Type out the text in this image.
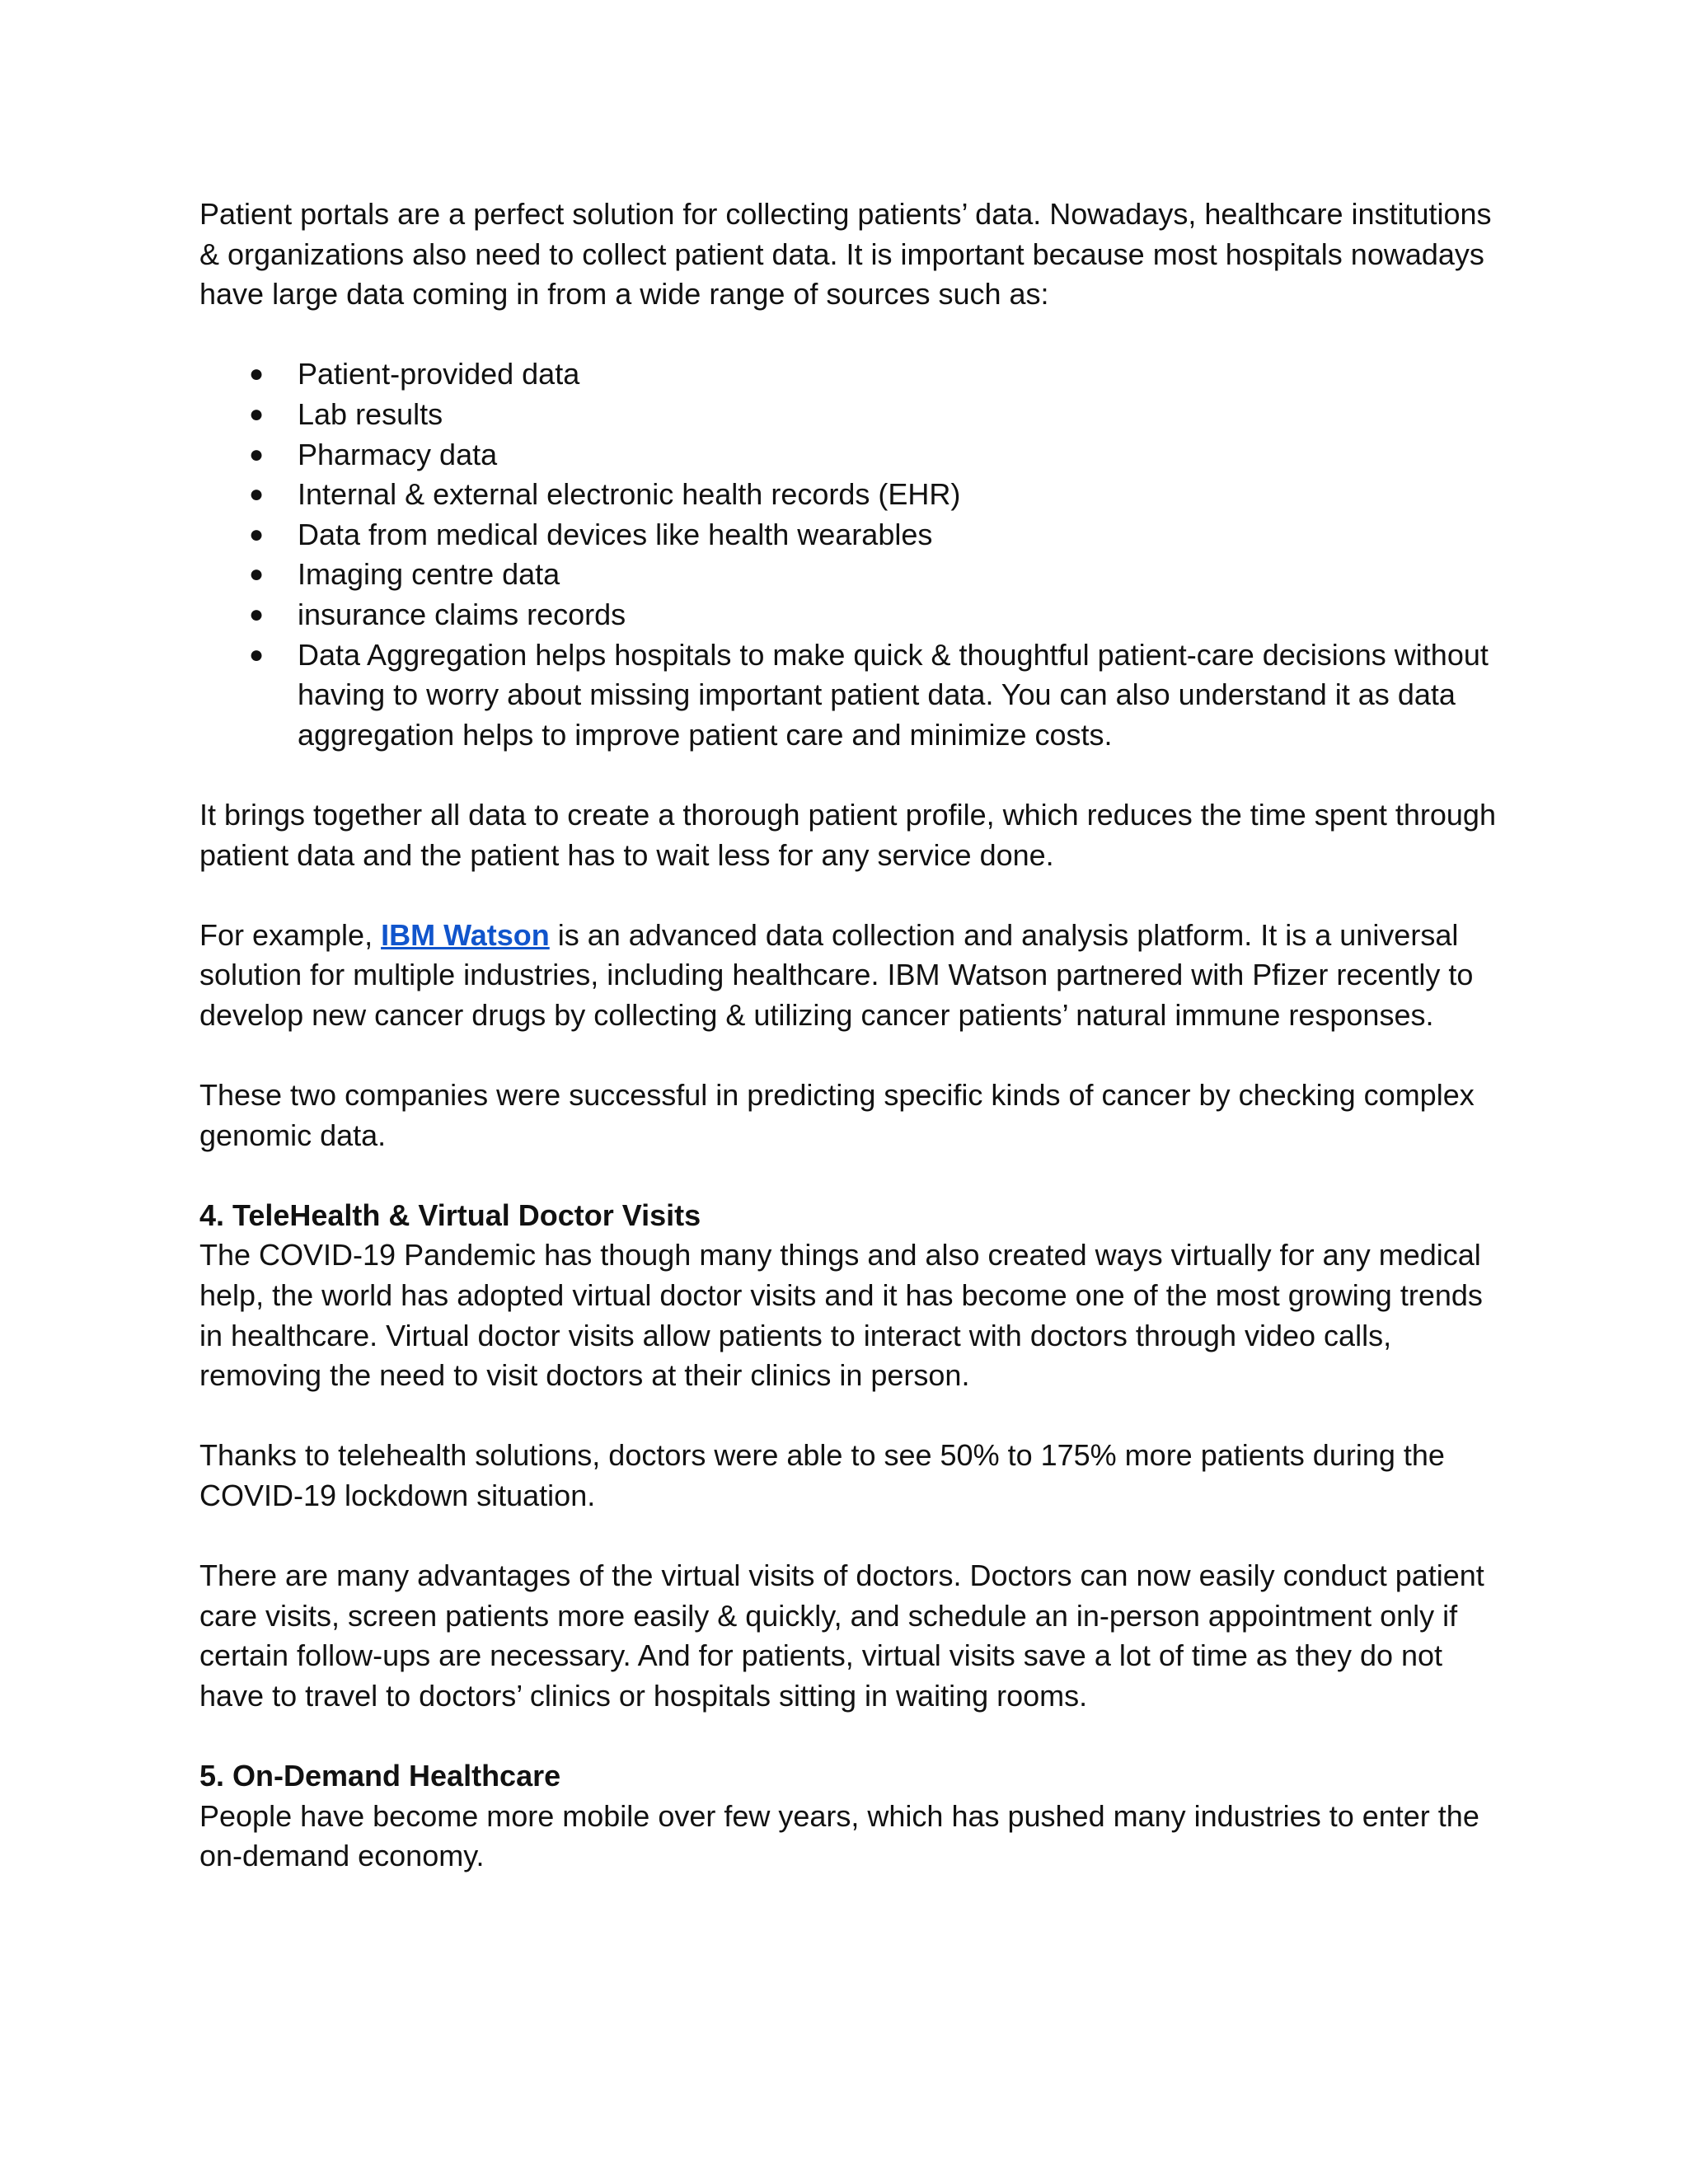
Patient portals are a perfect solution for collecting patients’ data. Nowadays, healthcare institutions & organizations also need to collect patient data. It is important because most hospitals nowadays have large data coming in from a wide range of sources such as:

● Patient-provided data
● Lab results
● Pharmacy data
● Internal & external electronic health records (EHR)
● Data from medical devices like health wearables
● Imaging centre data
● insurance claims records
● Data Aggregation helps hospitals to make quick & thoughtful patient-care decisions without having to worry about missing important patient data. You can also understand it as data aggregation helps to improve patient care and minimize costs.

It brings together all data to create a thorough patient profile, which reduces the time spent through patient data and the patient has to wait less for any service done.

For example, IBM Watson is an advanced data collection and analysis platform. It is a universal solution for multiple industries, including healthcare. IBM Watson partnered with Pfizer recently to develop new cancer drugs by collecting & utilizing cancer patients’ natural immune responses.

These two companies were successful in predicting specific kinds of cancer by checking complex genomic data.

4. TeleHealth & Virtual Doctor Visits

The COVID-19 Pandemic has though many things and also created ways virtually for any medical help, the world has adopted virtual doctor visits and it has become one of the most growing trends in healthcare. Virtual doctor visits allow patients to interact with doctors through video calls, removing the need to visit doctors at their clinics in person.

Thanks to telehealth solutions, doctors were able to see 50% to 175% more patients during the COVID-19 lockdown situation.

There are many advantages of the virtual visits of doctors. Doctors can now easily conduct patient care visits, screen patients more easily & quickly, and schedule an in-person appointment only if certain follow-ups are necessary. And for patients, virtual visits save a lot of time as they do not have to travel to doctors’ clinics or hospitals sitting in waiting rooms.

5. On-Demand Healthcare

People have become more mobile over few years, which has pushed many industries to enter the on-demand economy.
